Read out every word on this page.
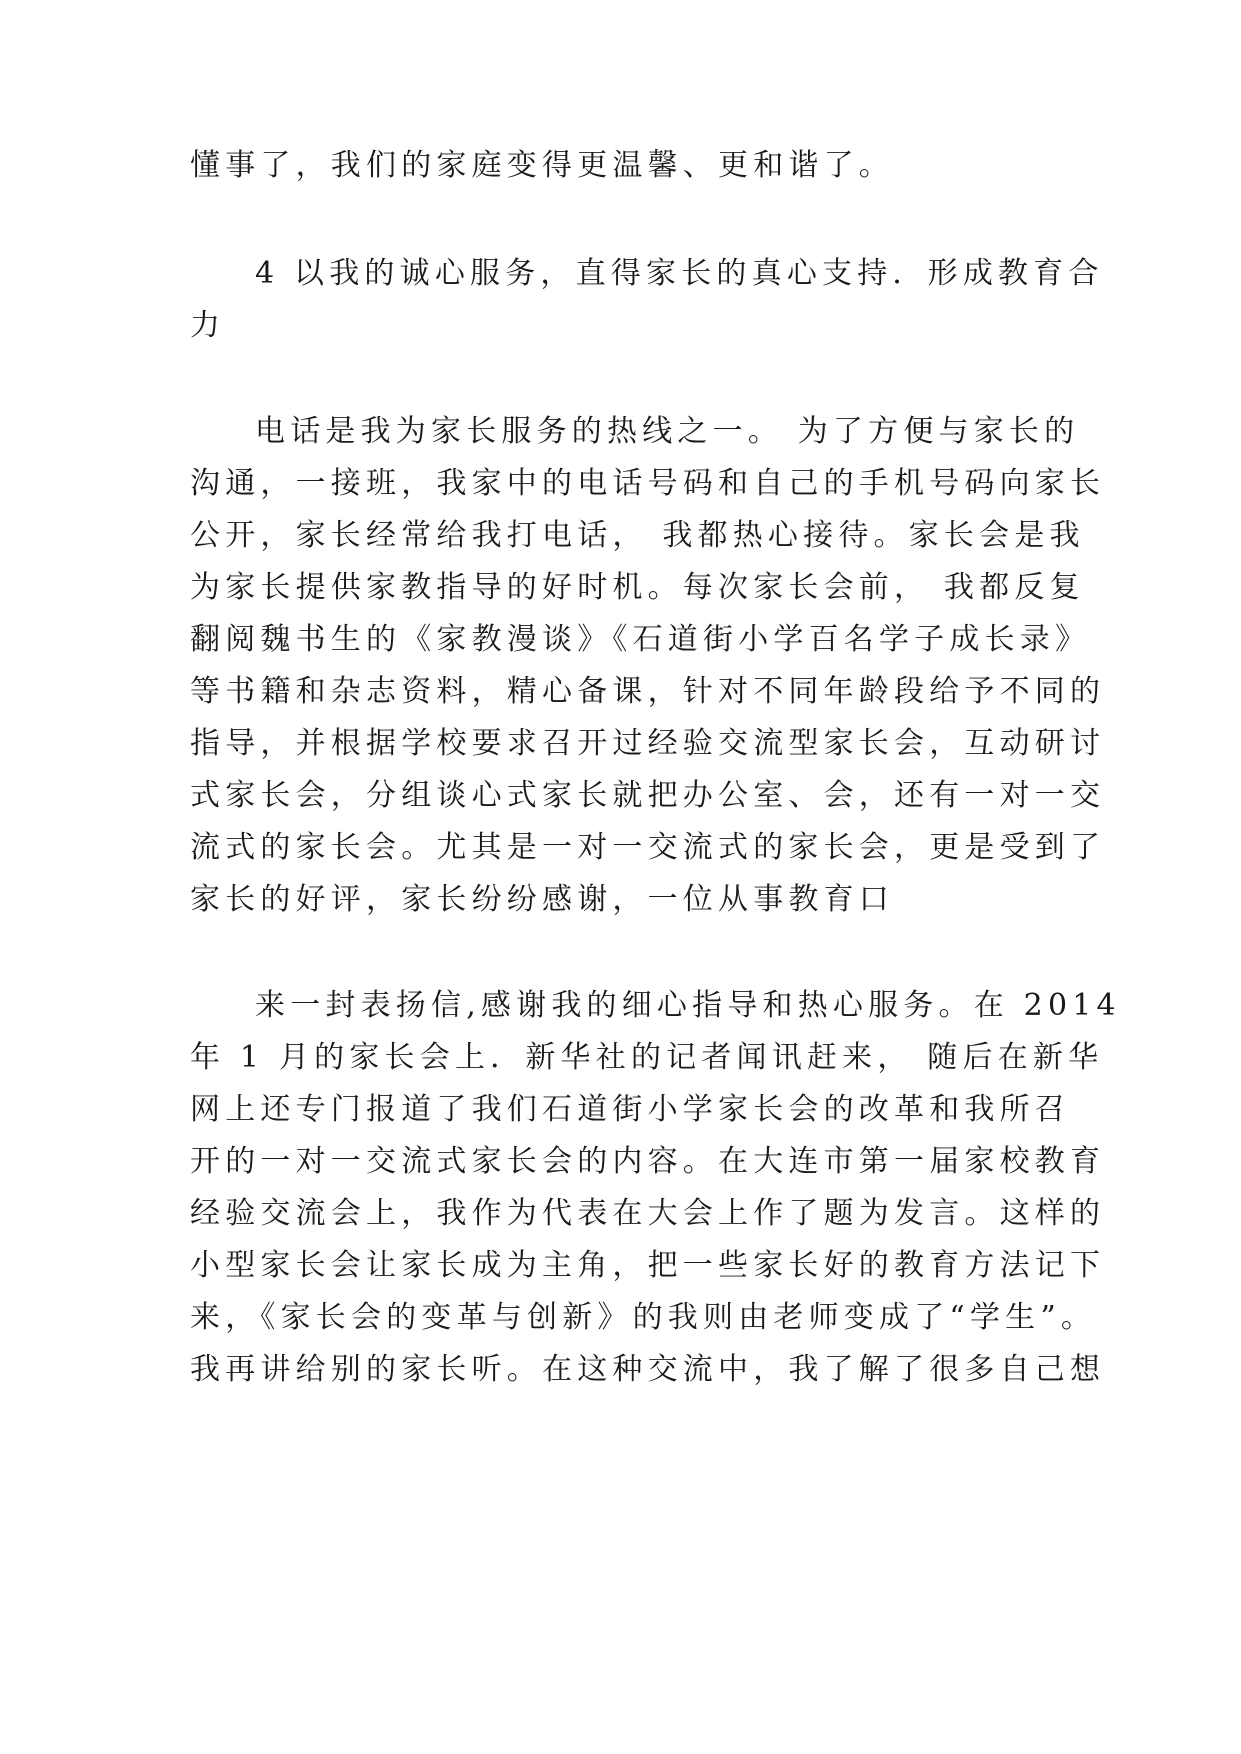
懂事了，我们的家庭变得更温馨、更和谐了。
4 以我的诚心服务，直得家长的真心支持．形成教育合
力
电话是我为家长服务的热线之一。 为了方便与家长的
沟通，一接班，我家中的电话号码和自己的手机号码向家长
公开，家长经常给我打电话， 我都热心接待。家长会是我
为家长提供家教指导的好时机。每次家长会前， 我都反复
翻阅魏书生的《家教漫谈》《石道街小学百名学子成长录》
等书籍和杂志资料，精心备课，针对不同年龄段给予不同的
指导，并根据学校要求召开过经验交流型家长会，互动研讨
式家长会，分组谈心式家长就把办公室、会，还有一对一交
流式的家长会。尤其是一对一交流式的家长会，更是受到了
家长的好评，家长纷纷感谢，一位从事教育口
来一封表扬信,感谢我的细心指导和热心服务。在 2014
年 1 月的家长会上．新华社的记者闻讯赶来， 随后在新华
网上还专门报道了我们石道街小学家长会的改革和我所召
开的一对一交流式家长会的内容。在大连市第一届家校教育
经验交流会上，我作为代表在大会上作了题为发言。这样的
小型家长会让家长成为主角，把一些家长好的教育方法记下
来，《家长会的变革与创新》的我则由老师变成了“学生”。
我再讲给别的家长听。在这种交流中，我了解了很多自己想
